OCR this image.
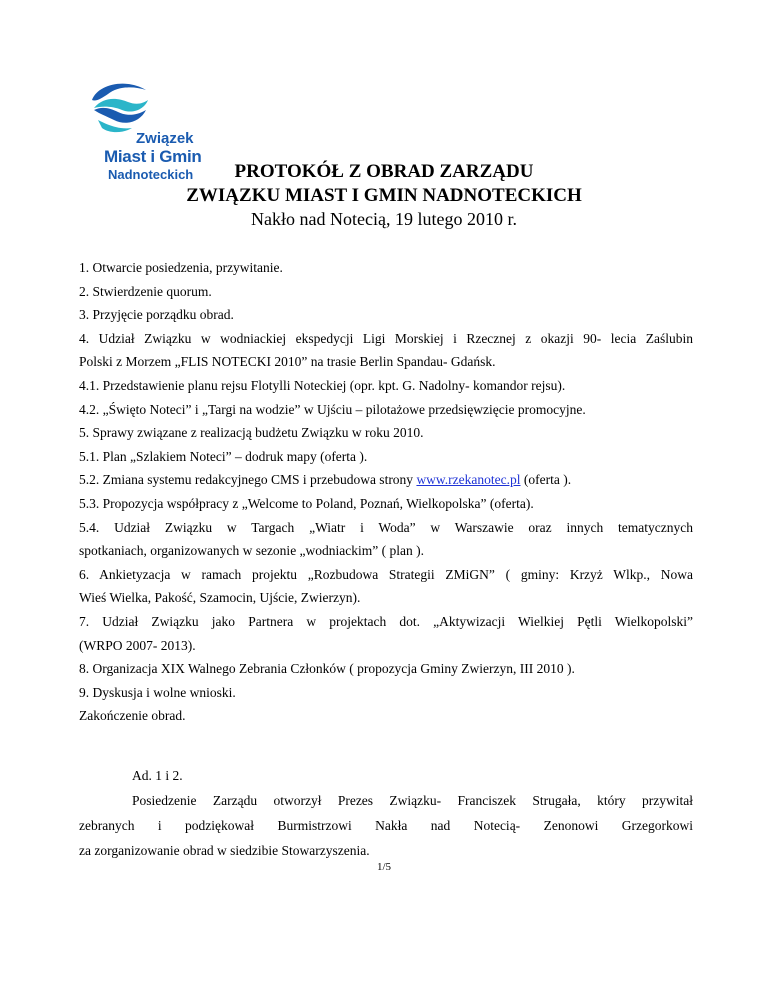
Związek
Miast i Gmin
Nadnoteckich	PROTOKÓŁ Z OBRAD ZARZĄDU
ZWIĄZKU MIAST I GMIN NADNOTECKICH
Nakło nad Notecią, 19 lutego 2010 r.
1. Otwarcie posiedzenia, przywitanie.
2. Stwierdzenie quorum.
3. Przyjęcie porządku obrad.
4. Udział Związku w wodniackiej ekspedycji Ligi Morskiej i Rzecznej z okazji 90- lecia Zaślubin
Polski z Morzem „FLIS NOTECKI 2010” na trasie Berlin Spandau- Gdańsk.
4.1. Przedstawienie planu rejsu Flotylli Noteckiej (opr. kpt. G. Nadolny- komandor rejsu).
4.2. „Święto Noteci” i „Targi na wodzie” w Ujściu – pilotażowe przedsięwzięcie promocyjne.
5. Sprawy związane z realizacją budżetu Związku w roku 2010.
5.1. Plan „Szlakiem Noteci” – dodruk mapy (oferta ).
5.2. Zmiana systemu redakcyjnego CMS i przebudowa strony www.rzekanotec.pl (oferta ).
5.3. Propozycja współpracy z „Welcome to Poland, Poznań, Wielkopolska” (oferta).
5.4. Udział Związku w Targach „Wiatr i Woda” w Warszawie oraz innych tematycznych
spotkaniach, organizowanych w sezonie „wodniackim” ( plan ).
6. Ankietyzacja w ramach projektu „Rozbudowa Strategii ZMiGN” ( gminy: Krzyż Wlkp., Nowa
Wieś Wielka, Pakość, Szamocin, Ujście, Zwierzyn).
7. Udział Związku jako Partnera w projektach dot. „Aktywizacji Wielkiej Pętli Wielkopolski”
(WRPO 2007- 2013).
8. Organizacja XIX Walnego Zebrania Członków ( propozycja Gminy Zwierzyn, III 2010 ).
9. Dyskusja i wolne wnioski.
Zakończenie obrad.
Ad. 1 i 2.
Posiedzenie Zarządu otworzył Prezes Związku- Franciszek Strugała, który przywitał
zebranych i podziękował Burmistrzowi Nakła nad Notecią- Zenonowi Grzegorkowi
za zorganizowanie obrad w siedzibie Stowarzyszenia.
1/5
